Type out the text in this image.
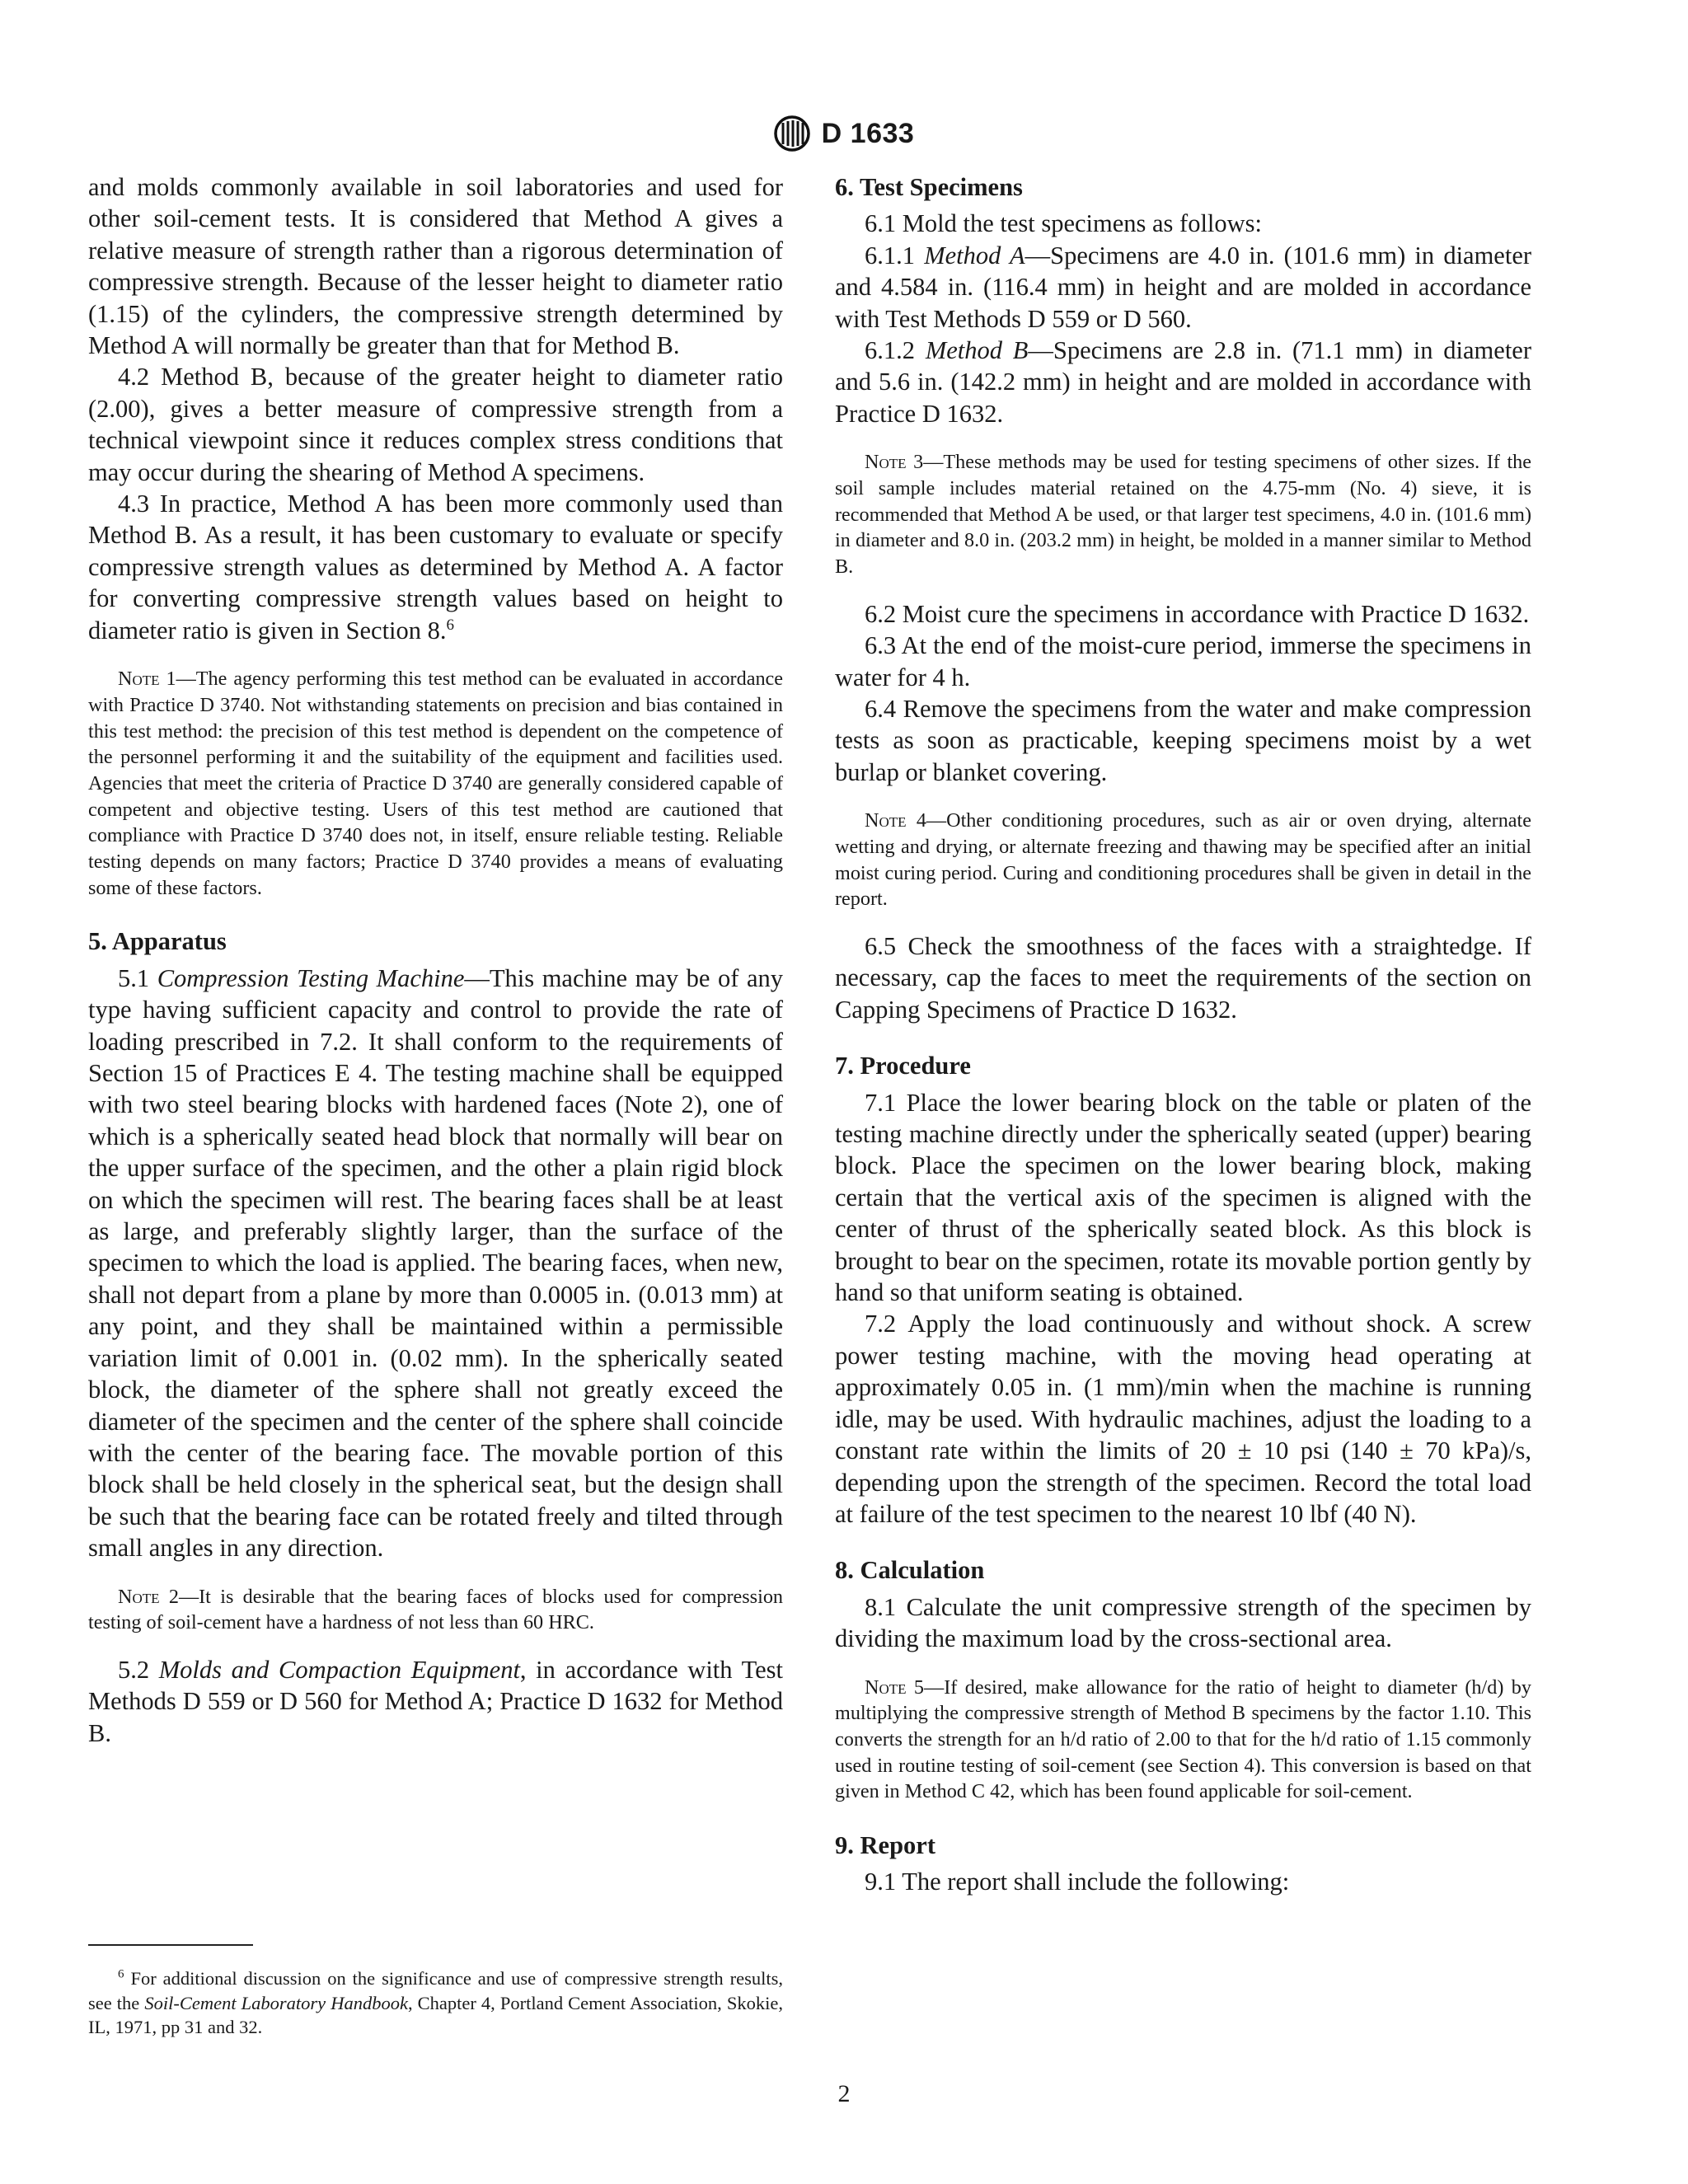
D 1633

and molds commonly available in soil laboratories and used for other soil-cement tests. It is considered that Method A gives a relative measure of strength rather than a rigorous determination of compressive strength. Because of the lesser height to diameter ratio (1.15) of the cylinders, the compressive strength determined by Method A will normally be greater than that for Method B.

4.2 Method B, because of the greater height to diameter ratio (2.00), gives a better measure of compressive strength from a technical viewpoint since it reduces complex stress conditions that may occur during the shearing of Method A specimens.

4.3 In practice, Method A has been more commonly used than Method B. As a result, it has been customary to evaluate or specify compressive strength values as determined by Method A. A factor for converting compressive strength values based on height to diameter ratio is given in Section 8.$^6$

Note 1—The agency performing this test method can be evaluated in accordance with Practice D 3740. Not withstanding statements on precision and bias contained in this test method: the precision of this test method is dependent on the competence of the personnel performing it and the suitability of the equipment and facilities used. Agencies that meet the criteria of Practice D 3740 are generally considered capable of competent and objective testing. Users of this test method are cautioned that compliance with Practice D 3740 does not, in itself, ensure reliable testing. Reliable testing depends on many factors; Practice D 3740 provides a means of evaluating some of these factors.

5. Apparatus

5.1 Compression Testing Machine—This machine may be of any type having sufficient capacity and control to provide the rate of loading prescribed in 7.2. It shall conform to the requirements of Section 15 of Practices E 4. The testing machine shall be equipped with two steel bearing blocks with hardened faces (Note 2), one of which is a spherically seated head block that normally will bear on the upper surface of the specimen, and the other a plain rigid block on which the specimen will rest. The bearing faces shall be at least as large, and preferably slightly larger, than the surface of the specimen to which the load is applied. The bearing faces, when new, shall not depart from a plane by more than 0.0005 in. (0.013 mm) at any point, and they shall be maintained within a permissible variation limit of 0.001 in. (0.02 mm). In the spherically seated block, the diameter of the sphere shall not greatly exceed the diameter of the specimen and the center of the sphere shall coincide with the center of the bearing face. The movable portion of this block shall be held closely in the spherical seat, but the design shall be such that the bearing face can be rotated freely and tilted through small angles in any direction.

Note 2—It is desirable that the bearing faces of blocks used for compression testing of soil-cement have a hardness of not less than 60 HRC.

5.2 Molds and Compaction Equipment, in accordance with Test Methods D 559 or D 560 for Method A; Practice D 1632 for Method B.

$^6$ For additional discussion on the significance and use of compressive strength results, see the Soil-Cement Laboratory Handbook, Chapter 4, Portland Cement Association, Skokie, IL, 1971, pp 31 and 32.

6. Test Specimens

6.1 Mold the test specimens as follows:

6.1.1 Method A—Specimens are 4.0 in. (101.6 mm) in diameter and 4.584 in. (116.4 mm) in height and are molded in accordance with Test Methods D 559 or D 560.

6.1.2 Method B—Specimens are 2.8 in. (71.1 mm) in diameter and 5.6 in. (142.2 mm) in height and are molded in accordance with Practice D 1632.

Note 3—These methods may be used for testing specimens of other sizes. If the soil sample includes material retained on the 4.75-mm (No. 4) sieve, it is recommended that Method A be used, or that larger test specimens, 4.0 in. (101.6 mm) in diameter and 8.0 in. (203.2 mm) in height, be molded in a manner similar to Method B.

6.2 Moist cure the specimens in accordance with Practice D 1632.

6.3 At the end of the moist-cure period, immerse the specimens in water for 4 h.

6.4 Remove the specimens from the water and make compression tests as soon as practicable, keeping specimens moist by a wet burlap or blanket covering.

Note 4—Other conditioning procedures, such as air or oven drying, alternate wetting and drying, or alternate freezing and thawing may be specified after an initial moist curing period. Curing and conditioning procedures shall be given in detail in the report.

6.5 Check the smoothness of the faces with a straightedge. If necessary, cap the faces to meet the requirements of the section on Capping Specimens of Practice D 1632.

7. Procedure

7.1 Place the lower bearing block on the table or platen of the testing machine directly under the spherically seated (upper) bearing block. Place the specimen on the lower bearing block, making certain that the vertical axis of the specimen is aligned with the center of thrust of the spherically seated block. As this block is brought to bear on the specimen, rotate its movable portion gently by hand so that uniform seating is obtained.

7.2 Apply the load continuously and without shock. A screw power testing machine, with the moving head operating at approximately 0.05 in. (1 mm)/min when the machine is running idle, may be used. With hydraulic machines, adjust the loading to a constant rate within the limits of 20 ± 10 psi (140 ± 70 kPa)/s, depending upon the strength of the specimen. Record the total load at failure of the test specimen to the nearest 10 lbf (40 N).

8. Calculation

8.1 Calculate the unit compressive strength of the specimen by dividing the maximum load by the cross-sectional area.

Note 5—If desired, make allowance for the ratio of height to diameter (h/d) by multiplying the compressive strength of Method B specimens by the factor 1.10. This converts the strength for an h/d ratio of 2.00 to that for the h/d ratio of 1.15 commonly used in routine testing of soil-cement (see Section 4). This conversion is based on that given in Method C 42, which has been found applicable for soil-cement.

9. Report

9.1 The report shall include the following:

2
